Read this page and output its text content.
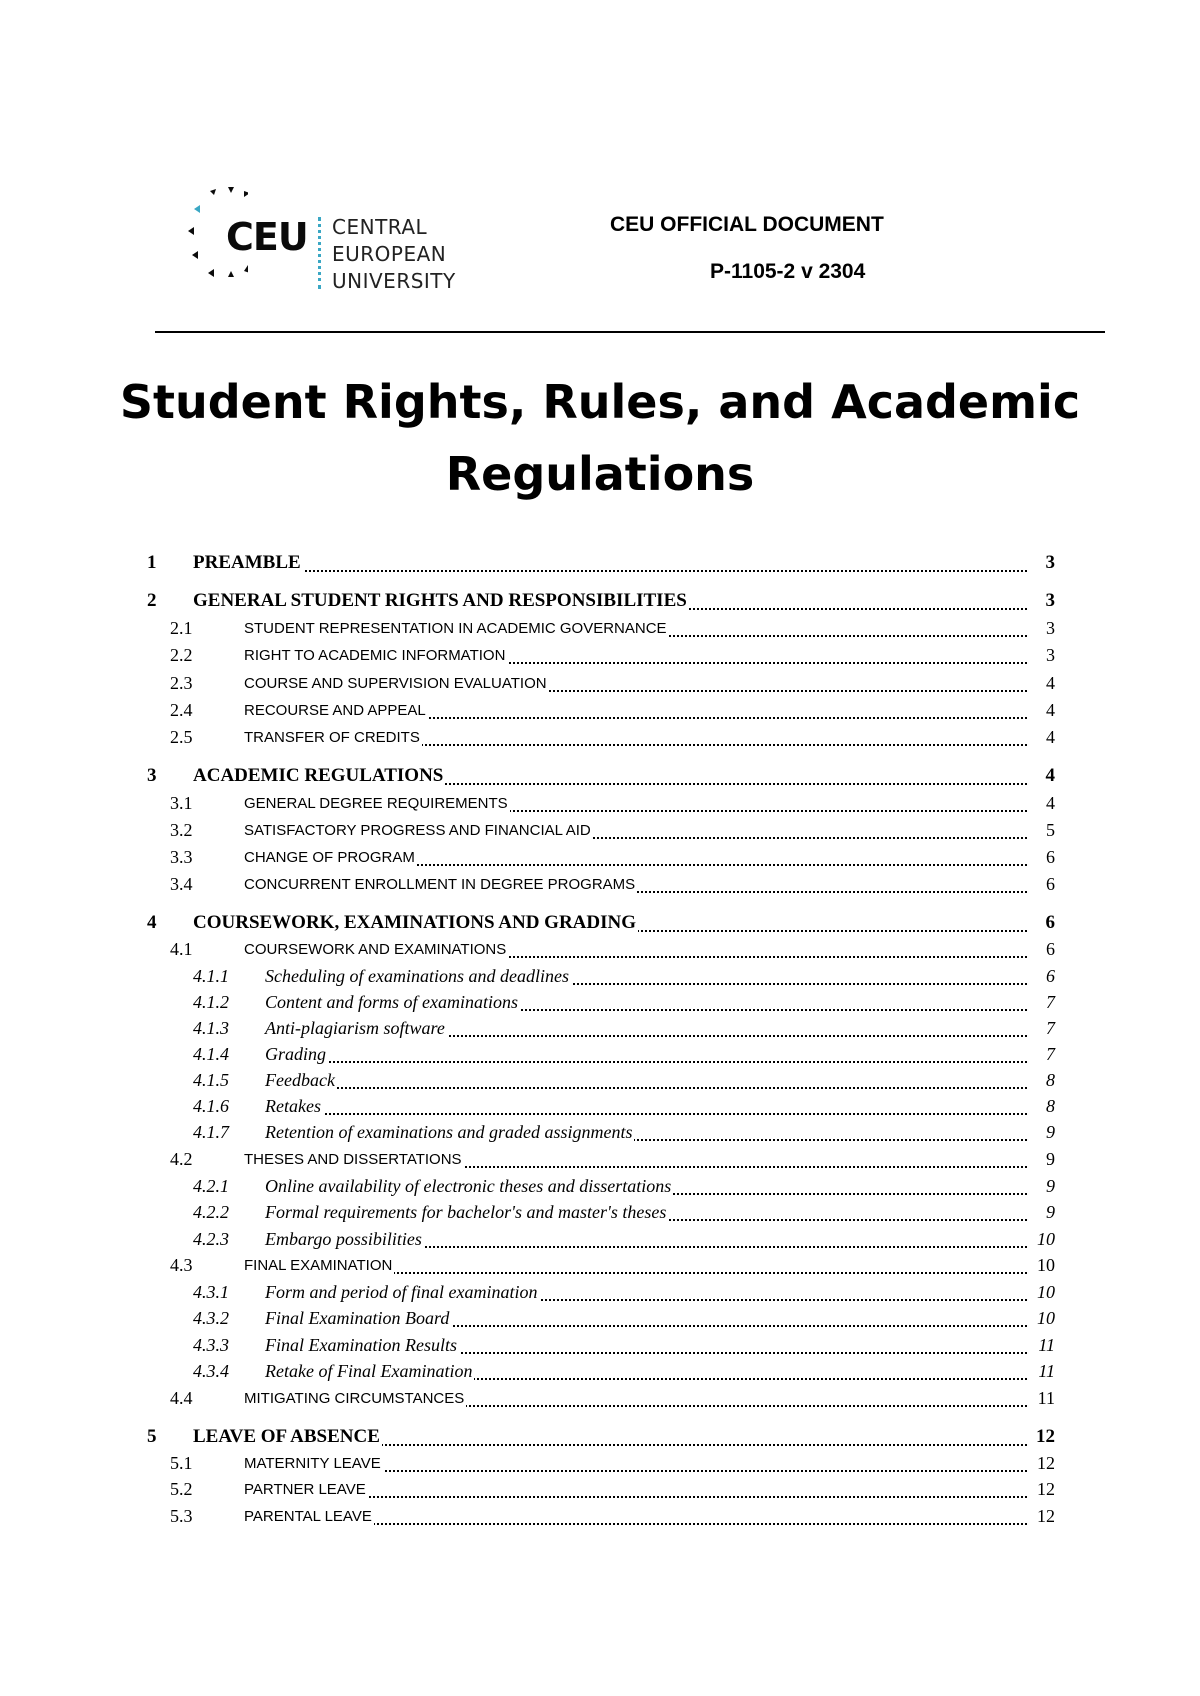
CEU CENTRAL
EUROPEAN
UNIVERSITY
CEU OFFICIAL DOCUMENT
P-1105-2 v 2304
Student Rights, Rules, and Academic
Regulations
1 PREAMBLE	3
2 GENERAL STUDENT RIGHTS AND RESPONSIBILITIES	3
2.1	STUDENT REPRESENTATION IN ACADEMIC GOVERNANCE	3
2.2	RIGHT TO ACADEMIC INFORMATION	3
2.3	COURSE AND SUPERVISION EVALUATION	4
2.4	RECOURSE AND APPEAL	4
2.5	TRANSFER OF CREDITS	4
3 ACADEMIC REGULATIONS	4
3.1	GENERAL DEGREE REQUIREMENTS	4
3.2	SATISFACTORY PROGRESS AND FINANCIAL AID	5
3.3	CHANGE OF PROGRAM	6
3.4	CONCURRENT ENROLLMENT IN DEGREE PROGRAMS	6
4 COURSEWORK, EXAMINATIONS AND GRADING	6
4.1	COURSEWORK AND EXAMINATIONS	6
4.1.1 Scheduling of examinations and deadlines	6
4.1.2 Content and forms of examinations	7
4.1.3 Anti-plagiarism software	7
4.1.4 Grading	7
4.1.5 Feedback	8
4.1.6 Retakes	8
4.1.7 Retention of examinations and graded assignments	9
4.2	THESES AND DISSERTATIONS	9
4.2.1 Online availability of electronic theses and dissertations	9
4.2.2 Formal requirements for bachelor's and master's theses	9
4.2.3 Embargo possibilities	10
4.3	FINAL EXAMINATION	10
4.3.1 Form and period of final examination	10
4.3.2 Final Examination Board	10
4.3.3 Final Examination Results	11
4.3.4 Retake of Final Examination	11
4.4	MITIGATING CIRCUMSTANCES	11
5 LEAVE OF ABSENCE	12
5.1	MATERNITY LEAVE	12
5.2	PARTNER LEAVE	12
5.3	PARENTAL LEAVE	12
